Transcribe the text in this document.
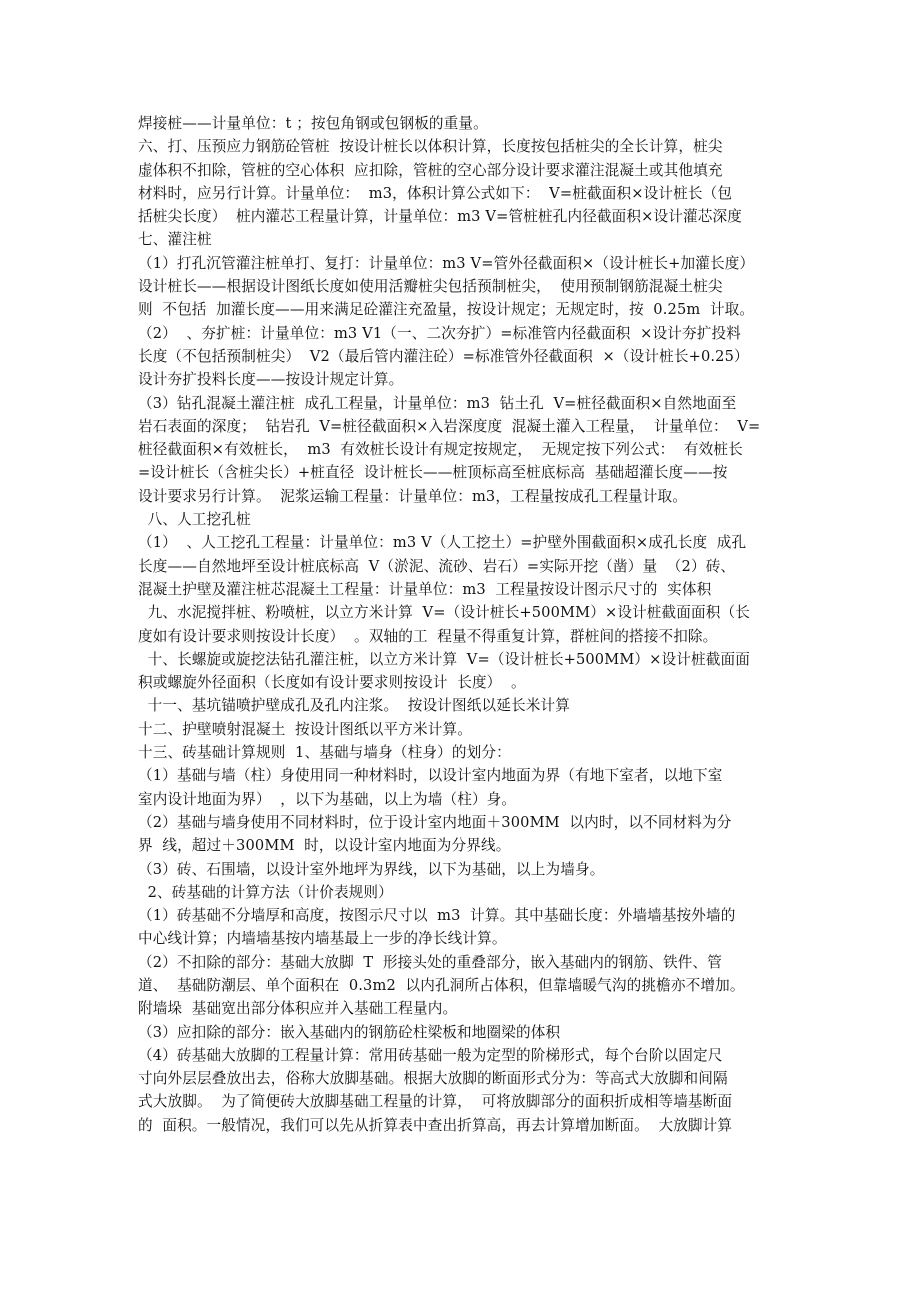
焊接桩——计量单位：t ；按包角钢或包钢板的重量。
六、打、压预应力钢筋砼管桩  按设计桩长以体积计算，长度按包括桩尖的全长计算，桩尖
虚体积不扣除，管桩的空心体积  应扣除，管桩的空心部分设计要求灌注混凝土或其他填充
材料时，应另行计算。计量单位：  m3，体积计算公式如下：  V=桩截面积×设计桩长（包
括桩尖长度）  桩内灌芯工程量计算，计量单位：m3 V=管桩桩孔内径截面积×设计灌芯深度
七、灌注桩
（1）打孔沉管灌注桩单打、复打：计量单位：m3 V=管外径截面积×（设计桩长+加灌长度）
设计桩长——根据设计图纸长度如使用活瓣桩尖包括预制桩尖，  使用预制钢筋混凝土桩尖
则  不包括  加灌长度——用来满足砼灌注充盈量，按设计规定；无规定时，按  0.25m  计取。
（2）  、夯扩桩：计量单位：m3 V1（一、二次夯扩）=标准管内径截面积  ×设计夯扩投料
长度（不包括预制桩尖）  V2（最后管内灌注砼）=标准管外径截面积  ×（设计桩长+0.25）
设计夯扩投料长度——按设计规定计算。
（3）钻孔混凝土灌注桩  成孔工程量，计量单位：m3  钻土孔  V=桩径截面积×自然地面至
岩石表面的深度；  钻岩孔  V=桩径截面积×入岩深度度  混凝土灌入工程量，  计量单位：  V=
桩径截面积×有效桩长，  m3  有效桩长设计有规定按规定，  无规定按下列公式：  有效桩长
=设计桩长（含桩尖长）+桩直径  设计桩长——桩顶标高至桩底标高  基础超灌长度——按
设计要求另行计算。  泥浆运输工程量：计量单位：m3，工程量按成孔工程量计取。
八、人工挖孔桩
（1）  、人工挖孔工程量：计量单位：m3 V（人工挖土）=护壁外围截面积×成孔长度  成孔
长度——自然地坪至设计桩底标高  V（淤泥、流砂、岩石）=实际开挖（凿）量  （2）砖、
混凝土护壁及灌注桩芯混凝土工程量：计量单位：m3  工程量按设计图示尺寸的  实体积
九、水泥搅拌桩、粉喷桩，以立方米计算  V=（设计桩长+500MM）×设计桩截面面积（长
度如有设计要求则按设计长度）  。双轴的工  程量不得重复计算，群桩间的搭接不扣除。
十、长螺旋或旋挖法钻孔灌注桩，以立方米计算  V=（设计桩长+500MM）×设计桩截面面
积或螺旋外径面积（长度如有设计要求则按设计  长度）  。
十一、基坑锚喷护壁成孔及孔内注浆。  按设计图纸以延长米计算
十二、护壁喷射混凝土  按设计图纸以平方米计算。
十三、砖基础计算规则  1、基础与墙身（柱身）的划分：
（1）基础与墙（柱）身使用同一种材料时，以设计室内地面为界（有地下室者，以地下室
室内设计地面为界）  ，以下为基础，以上为墙（柱）身。
（2）基础与墙身使用不同材料时，位于设计室内地面＋300MM  以内时，以不同材料为分
界  线，超过＋300MM  时，以设计室内地面为分界线。
（3）砖、石围墙，以设计室外地坪为界线，以下为基础，以上为墙身。
2、砖基础的计算方法（计价表规则）
（1）砖基础不分墙厚和高度，按图示尺寸以  m3  计算。其中基础长度：外墙墙基按外墙的
中心线计算；内墙墙基按内墙基最上一步的净长线计算。
（2）不扣除的部分：基础大放脚  T  形接头处的重叠部分，嵌入基础内的钢筋、铁件、管
道、  基础防潮层、单个面积在  0.3m2  以内孔洞所占体积，但靠墙暖气沟的挑檐亦不增加。
附墙垛  基础宽出部分体积应并入基础工程量内。
（3）应扣除的部分：嵌入基础内的钢筋砼柱梁板和地圈梁的体积
（4）砖基础大放脚的工程量计算：常用砖基础一般为定型的阶梯形式，每个台阶以固定尺
寸向外层层叠放出去，俗称大放脚基础。根据大放脚的断面形式分为：等高式大放脚和间隔
式大放脚。  为了简便砖大放脚基础工程量的计算，  可将放脚部分的面积折成相等墙基断面
的  面积。一般情况，我们可以先从折算表中查出折算高，再去计算增加断面。  大放脚计算
